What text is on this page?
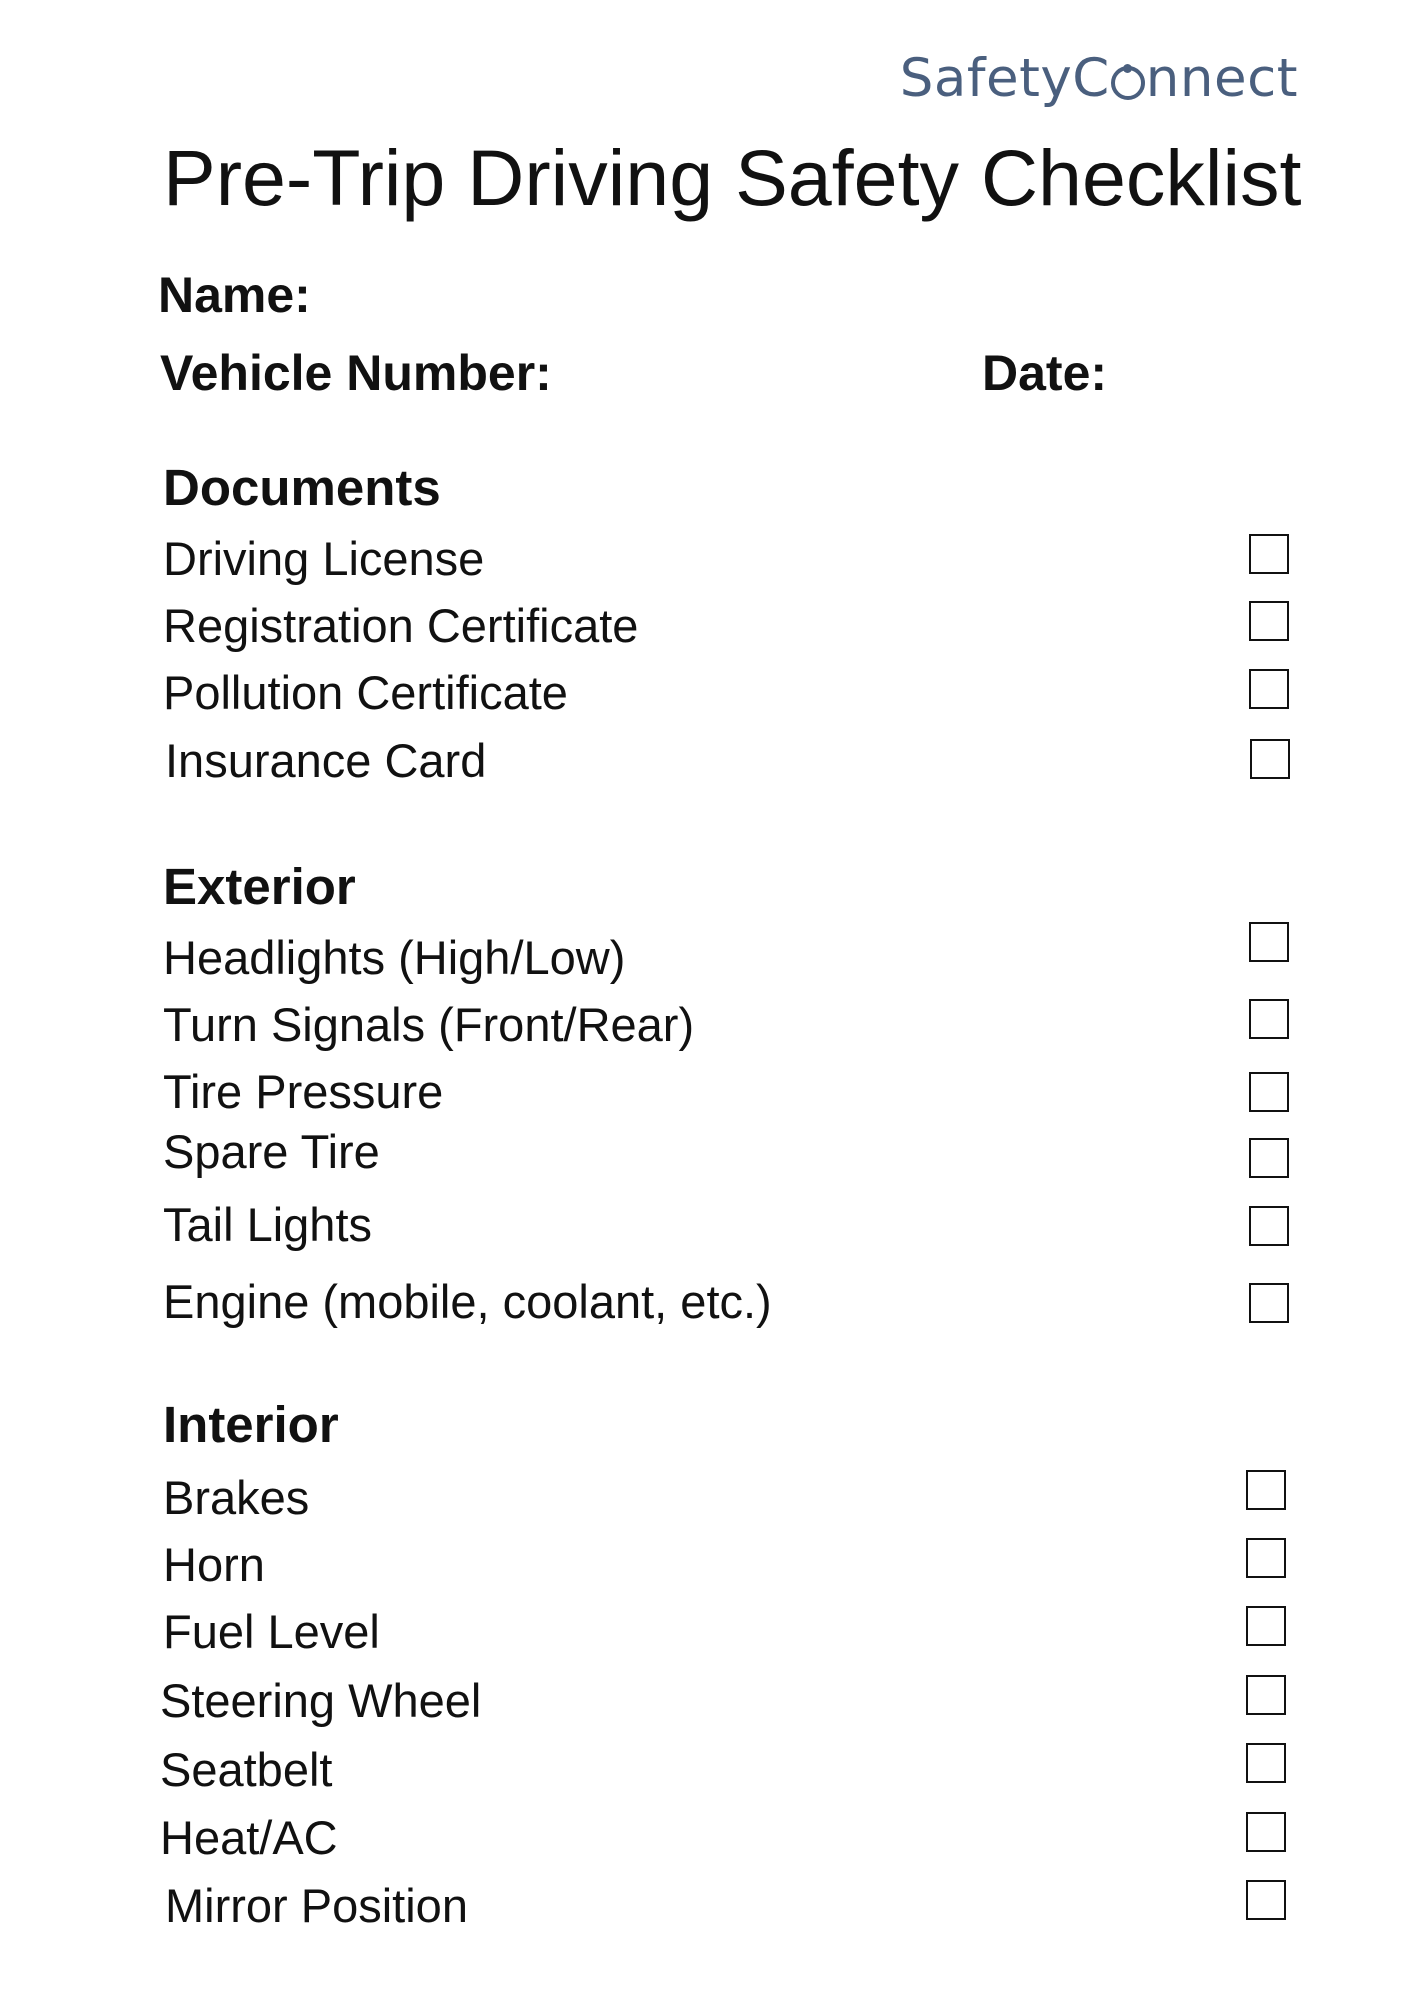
SafetyC nnect
Pre-Trip Driving Safety Checklist
Name:
Vehicle Number:	Date:
Documents
Driving License
Registration Certificate
Pollution Certificate
Insurance Card
Exterior
Headlights (High/Low)
Turn Signals (Front/Rear)
Tire Pressure
Spare Tire
Tail Lights
Engine (mobile, coolant, etc.)
Interior
Brakes
Horn
Fuel Level
Steering Wheel
Seatbelt
Heat/AC
Mirror Position
